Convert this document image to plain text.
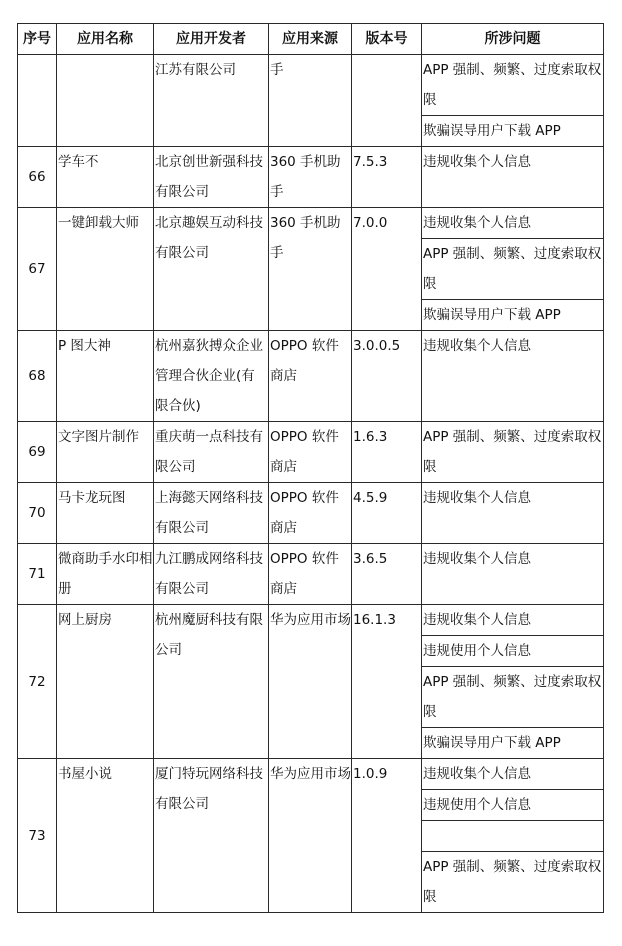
序号	应用名称	应用开发者	应用来源	版本号	所涉问题
		江苏有限公司	手		APP 强制、频繁、过度索取权限
欺骗误导用户下载 APP

66	学车不	北京创世新强科技有限公司	360 手机助手	7.5.3	违规收集个人信息

67	一键卸载大师	北京趣娱互动科技有限公司	360 手机助手	7.0.0	违规收集个人信息
APP 强制、频繁、过度索取权限
欺骗误导用户下载 APP

68	P 图大神	杭州嘉狄搏众企业管理合伙企业(有限合伙)	OPPO 软件商店	3.0.0.5	违规收集个人信息

69	文字图片制作	重庆萌一点科技有限公司	OPPO 软件商店	1.6.3	APP 强制、频繁、过度索取权限

70	马卡龙玩图	上海懿天网络科技有限公司	OPPO 软件商店	4.5.9	违规收集个人信息

71	微商助手水印相册	九江鹏成网络科技有限公司	OPPO 软件商店	3.6.5	违规收集个人信息

72	网上厨房	杭州魔厨科技有限公司	华为应用市场	16.1.3	违规收集个人信息
违规使用个人信息
APP 强制、频繁、过度索取权限
欺骗误导用户下载 APP

73	书屋小说	厦门特玩网络科技有限公司	华为应用市场	1.0.9	违规收集个人信息
违规使用个人信息
APP 强制、频繁、过度索取权限
